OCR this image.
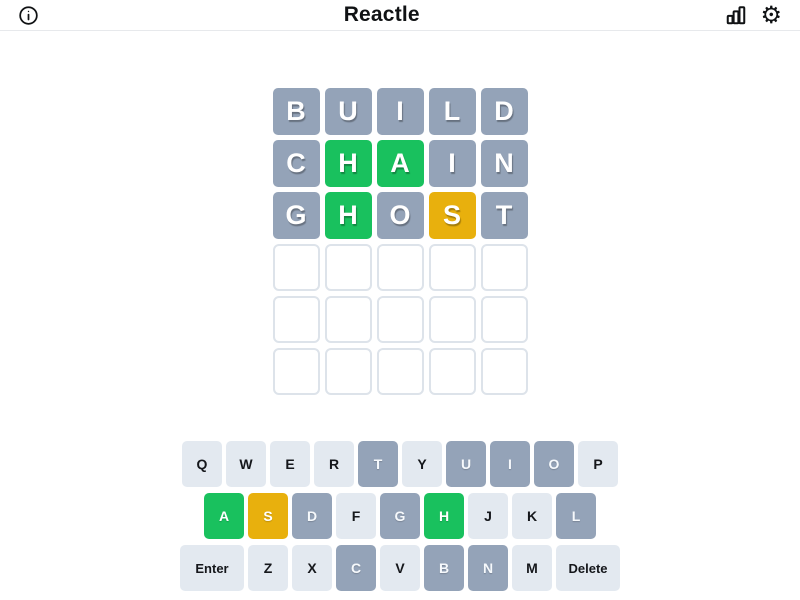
Reactle	⚙
B	U	I	L	D
C	H	A	I	N
G	H	O	S	T
Q	W	E	R	T	Y	U	I	O	P
A	S	D	F	G	H	J	K	L
Enter	Z	X	C	V	B	N	M	Delete
